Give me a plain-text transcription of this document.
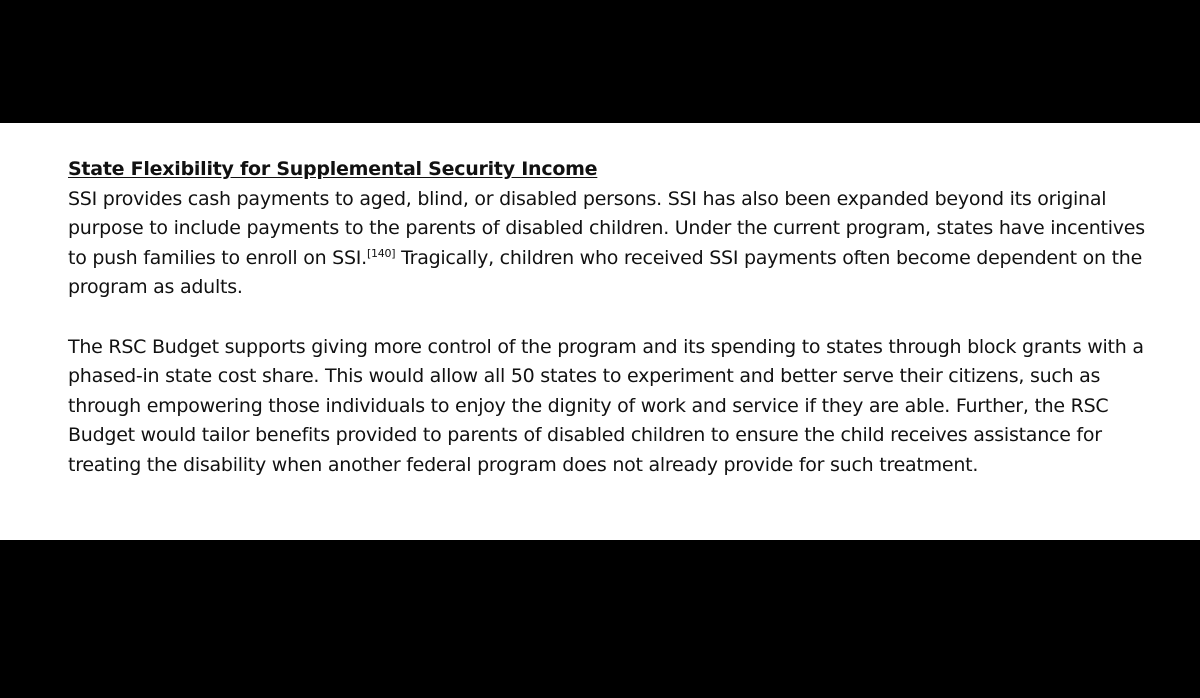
State Flexibility for Supplemental Security Income

SSI provides cash payments to aged, blind, or disabled persons. SSI has also been expanded beyond its original purpose to include payments to the parents of disabled children. Under the current program, states have incentives to push families to enroll on SSI.[140] Tragically, children who received SSI payments often become dependent on the program as adults.

The RSC Budget supports giving more control of the program and its spending to states through block grants with a phased-in state cost share. This would allow all 50 states to experiment and better serve their citizens, such as through empowering those individuals to enjoy the dignity of work and service if they are able. Further, the RSC Budget would tailor benefits provided to parents of disabled children to ensure the child receives assistance for treating the disability when another federal program does not already provide for such treatment.
